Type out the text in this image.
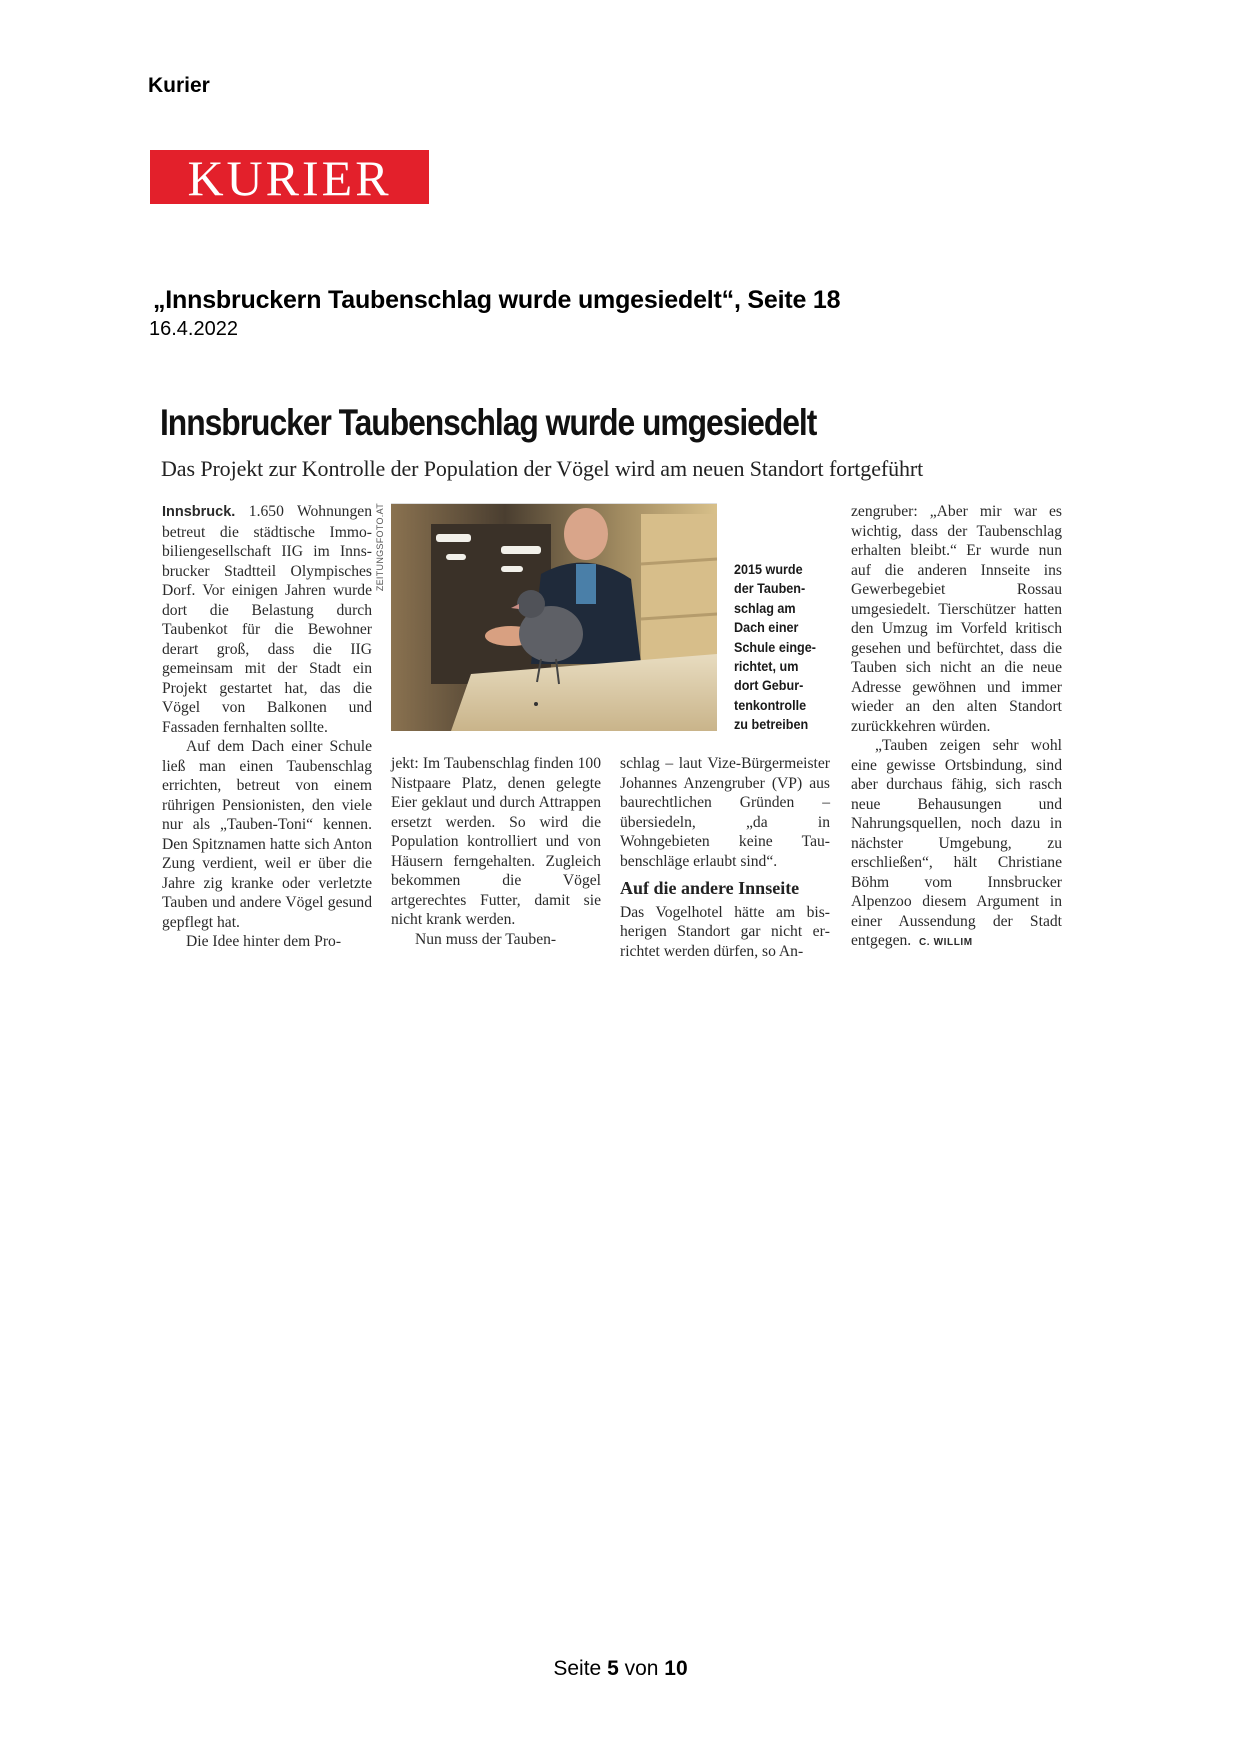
Kurier
KURIER
„Innsbruckern Taubenschlag wurde umgesiedelt“, Seite 18
16.4.2022
Innsbrucker Taubenschlag wurde umgesiedelt
Das Projekt zur Kontrolle der Population der Vögel wird am neuen Standort fortgeführt

Innsbruck. 1.650 Wohnungen betreut die städtische Immobiliengesellschaft IIG im Innsbrucker Stadtteil Olympisches Dorf. Vor einigen Jahren wurde dort die Belastung durch Taubenkot für die Bewohner derart groß, dass die IIG gemeinsam mit der Stadt ein Projekt gestartet hat, das die Vögel von Balkonen und Fassaden fernhalten sollte.

Auf dem Dach einer Schule ließ man einen Taubenschlag errichten, betreut von einem rührigen Pensionisten, den viele nur als „Tauben-Toni“ kennen. Den Spitznamen hatte sich Anton Zung verdient, weil er über die Jahre zig kranke oder verletzte Tauben und andere Vögel gesund gepflegt hat.

Die Idee hinter dem Pro-

ZEITUNGSFOTO.AT	2015 wurde der Tauben- schlag am Dach einer Schule einge- richtet, um dort Gebur- tenkontrolle zu betreiben

jekt: Im Taubenschlag finden 100 Nistpaare Platz, denen gelegte Eier geklaut und durch Attrappen ersetzt werden. So wird die Population kontrolliert und von Häusern ferngehalten. Zugleich bekommen die Vögel artgerechtes Futter, damit sie nicht krank werden.

Nun muss der Tauben-

schlag – laut Vize-Bürgermeister Johannes Anzengruber (VP) aus baurechtlichen Gründen – übersiedeln, „da in Wohngebieten keine Taubenschläge erlaubt sind“.

Auf die andere Innseite

Das Vogelhotel hätte am bisherigen Standort gar nicht errichtet werden dürfen, so An-

zengruber: „Aber mir war es wichtig, dass der Taubenschlag erhalten bleibt.“ Er wurde nun auf die anderen Innseite ins Gewerbegebiet Rossau umgesiedelt. Tierschützer hatten den Umzug im Vorfeld kritisch gesehen und befürchtet, dass die Tauben sich nicht an die neue Adresse gewöhnen und immer wieder an den alten Standort zurückkehren würden.

„Tauben zeigen sehr wohl eine gewisse Ortsbindung, sind aber durchaus fähig, sich rasch neue Behausungen und Nahrungsquellen, noch dazu in nächster Umgebung, zu erschließen“, hält Christiane Böhm vom Innsbrucker Alpenzoo diesem Argument in einer Aussendung der Stadt entgegen. C. WILLIM

Seite 5 von 10
